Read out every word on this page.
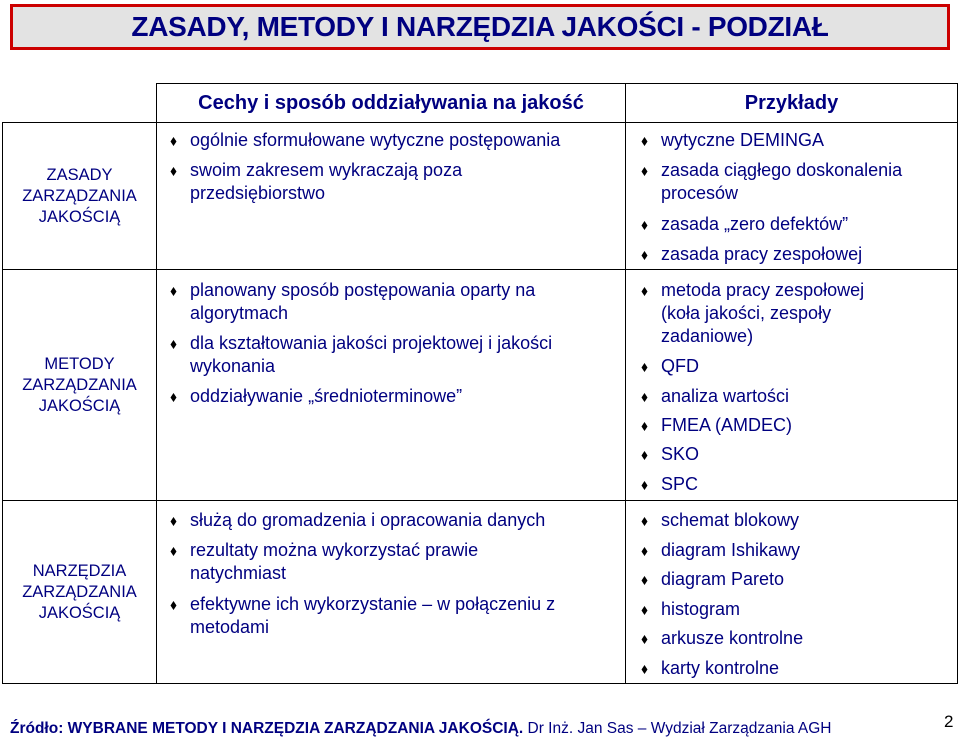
ZASADY, METODY I NARZĘDZIA JAKOŚCI - PODZIAŁ
Cechy i sposób oddziaływania na jakość	Przykłady
ZASADY
ZARZĄDZANIA
JAKOŚCIĄ
ogólnie sformułowane wytyczne postępowania
swoim zakresem wykraczają poza
przedsiębiorstwo
wytyczne DEMINGA
zasada ciągłego doskonalenia
procesów
zasada „zero defektów”
zasada pracy zespołowej
METODY
ZARZĄDZANIA
JAKOŚCIĄ
planowany sposób postępowania oparty na
algorytmach
dla kształtowania jakości projektowej i jakości
wykonania
oddziaływanie „średnioterminowe”
metoda pracy zespołowej
(koła jakości, zespoły
zadaniowe)
QFD
analiza wartości
FMEA (AMDEC)
SKO
SPC
NARZĘDZIA
ZARZĄDZANIA
JAKOŚCIĄ
służą do gromadzenia i opracowania danych
rezultaty można wykorzystać prawie
natychmiast
efektywne ich wykorzystanie – w połączeniu z
metodami
schemat blokowy
diagram Ishikawy
diagram Pareto
histogram
arkusze kontrolne
karty kontrolne
Źródło: WYBRANE METODY I NARZĘDZIA ZARZĄDZANIA JAKOŚCIĄ. Dr Inż. Jan Sas – Wydział Zarządzania AGH	2
